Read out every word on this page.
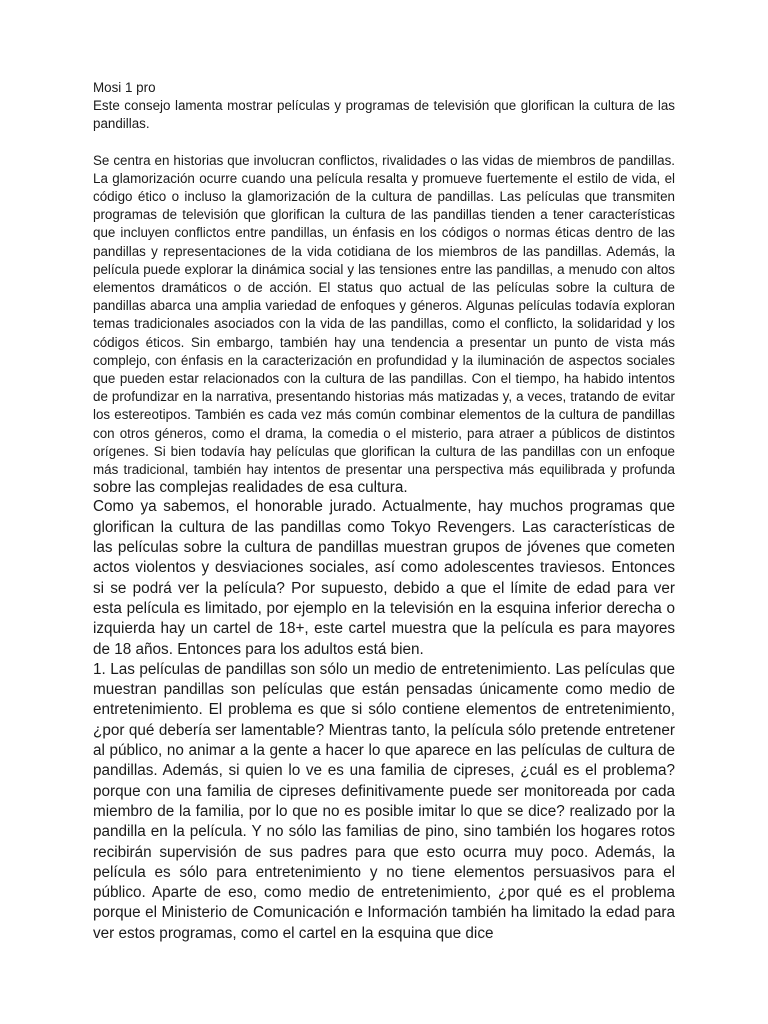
Mosi 1 pro

Este consejo lamenta mostrar películas y programas de televisión que glorifican la cultura de las pandillas.

Se centra en historias que involucran conflictos, rivalidades o las vidas de miembros de pandillas. La glamorización ocurre cuando una película resalta y promueve fuertemente el estilo de vida, el código ético o incluso la glamorización de la cultura de pandillas. Las películas que transmiten programas de televisión que glorifican la cultura de las pandillas tienden a tener características que incluyen conflictos entre pandillas, un énfasis en los códigos o normas éticas dentro de las pandillas y representaciones de la vida cotidiana de los miembros de las pandillas. Además, la película puede explorar la dinámica social y las tensiones entre las pandillas, a menudo con altos elementos dramáticos o de acción. El status quo actual de las películas sobre la cultura de pandillas abarca una amplia variedad de enfoques y géneros. Algunas películas todavía exploran temas tradicionales asociados con la vida de las pandillas, como el conflicto, la solidaridad y los códigos éticos. Sin embargo, también hay una tendencia a presentar un punto de vista más complejo, con énfasis en la caracterización en profundidad y la iluminación de aspectos sociales que pueden estar relacionados con la cultura de las pandillas. Con el tiempo, ha habido intentos de profundizar en la narrativa, presentando historias más matizadas y, a veces, tratando de evitar los estereotipos. También es cada vez más común combinar elementos de la cultura de pandillas con otros géneros, como el drama, la comedia o el misterio, para atraer a públicos de distintos orígenes. Si bien todavía hay películas que glorifican la cultura de las pandillas con un enfoque más tradicional, también hay intentos de presentar una perspectiva más equilibrada y profunda sobre las complejas realidades de esa cultura.

Como ya sabemos, el honorable jurado. Actualmente, hay muchos programas que glorifican la cultura de las pandillas como Tokyo Revengers. Las características de las películas sobre la cultura de pandillas muestran grupos de jóvenes que cometen actos violentos y desviaciones sociales, así como adolescentes traviesos. Entonces si se podrá ver la película? Por supuesto, debido a que el límite de edad para ver esta película es limitado, por ejemplo en la televisión en la esquina inferior derecha o izquierda hay un cartel de 18+, este cartel muestra que la película es para mayores de 18 años. Entonces para los adultos está bien.

1. Las películas de pandillas son sólo un medio de entretenimiento. Las películas que muestran pandillas son películas que están pensadas únicamente como medio de entretenimiento. El problema es que si sólo contiene elementos de entretenimiento, ¿por qué debería ser lamentable? Mientras tanto, la película sólo pretende entretener al público, no animar a la gente a hacer lo que aparece en las películas de cultura de pandillas. Además, si quien lo ve es una familia de cipreses, ¿cuál es el problema? porque con una familia de cipreses definitivamente puede ser monitoreada por cada miembro de la familia, por lo que no es posible imitar lo que se dice? realizado por la pandilla en la película. Y no sólo las familias de pino, sino también los hogares rotos recibirán supervisión de sus padres para que esto ocurra muy poco. Además, la película es sólo para entretenimiento y no tiene elementos persuasivos para el público. Aparte de eso, como medio de entretenimiento, ¿por qué es el problema porque el Ministerio de Comunicación e Información también ha limitado la edad para ver estos programas, como el cartel en la esquina que dice
